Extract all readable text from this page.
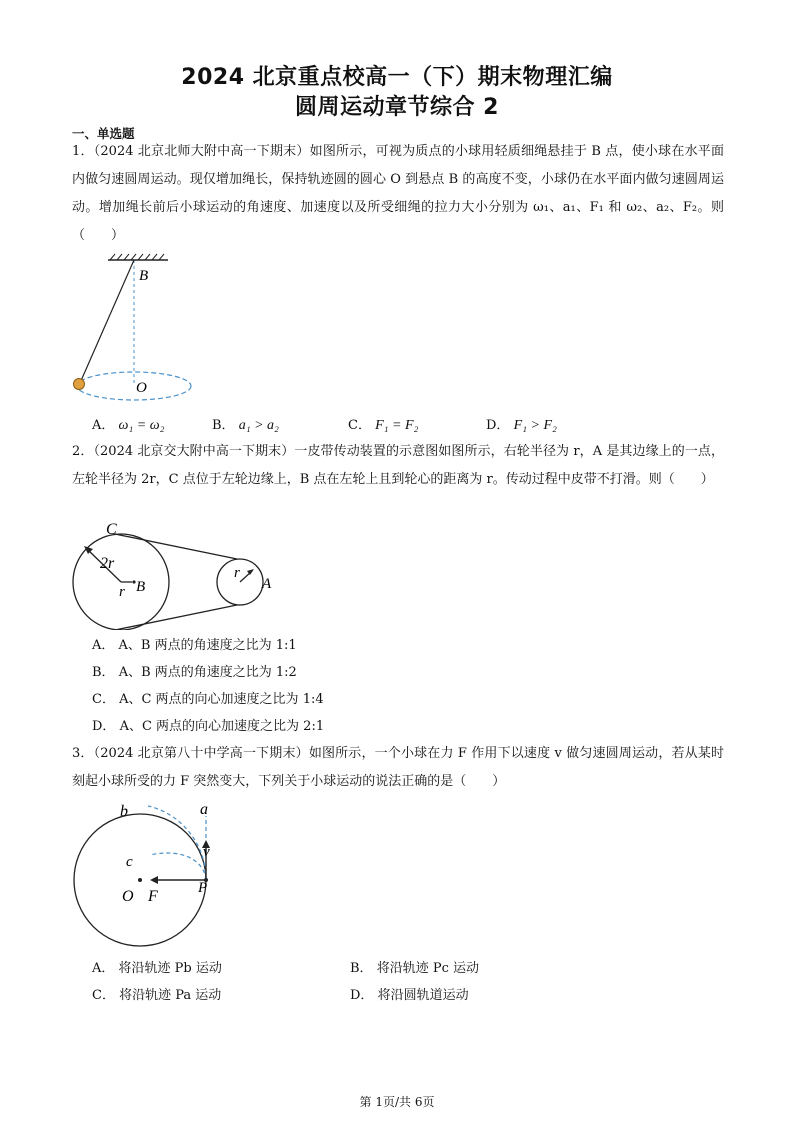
2024 北京重点校高一（下）期末物理汇编
圆周运动章节综合 2
一、单选题
1．（2024 北京北师大附中高一下期末）如图所示，可视为质点的小球用轻质细绳悬挂于 B 点，使小球在水平面内做匀速圆周运动。现仅增加绳长，保持轨迹圆的圆心 O 到悬点 B 的高度不变，小球仍在水平面内做匀速圆周运动。增加绳长前后小球运动的角速度、加速度以及所受细绳的拉力大小分别为 ω₁、a₁、F₁ 和 ω₂、a₂、F₂。则（　　）
B
O
A． ω₁ = ω₂	B． a₁ > a₂	C． F₁ = F₂	D． F₁ > F₂
2．（2024 北京交大附中高一下期末）一皮带传动装置的示意图如图所示，右轮半径为 r，A 是其边缘上的一点，左轮半径为 2r，C 点位于左轮边缘上，B 点在左轮上且到轮心的距离为 r。传动过程中皮带不打滑。则（　　）
C
2r
r B
r
A
A． A、B 两点的角速度之比为 1:1
B． A、B 两点的角速度之比为 1:2
C． A、C 两点的向心加速度之比为 1:4
D． A、C 两点的向心加速度之比为 2:1
3．（2024 北京第八十中学高一下期末）如图所示，一个小球在力 F 作用下以速度 v 做匀速圆周运动，若从某时刻起小球所受的力 F 突然变大，下列关于小球运动的说法正确的是（　　）
b	a
v
c
O F	P
A． 将沿轨迹 Pb 运动	B． 将沿轨迹 Pc 运动
C． 将沿轨迹 Pa 运动	D． 将沿圆轨道运动
第 1页/共 6页
